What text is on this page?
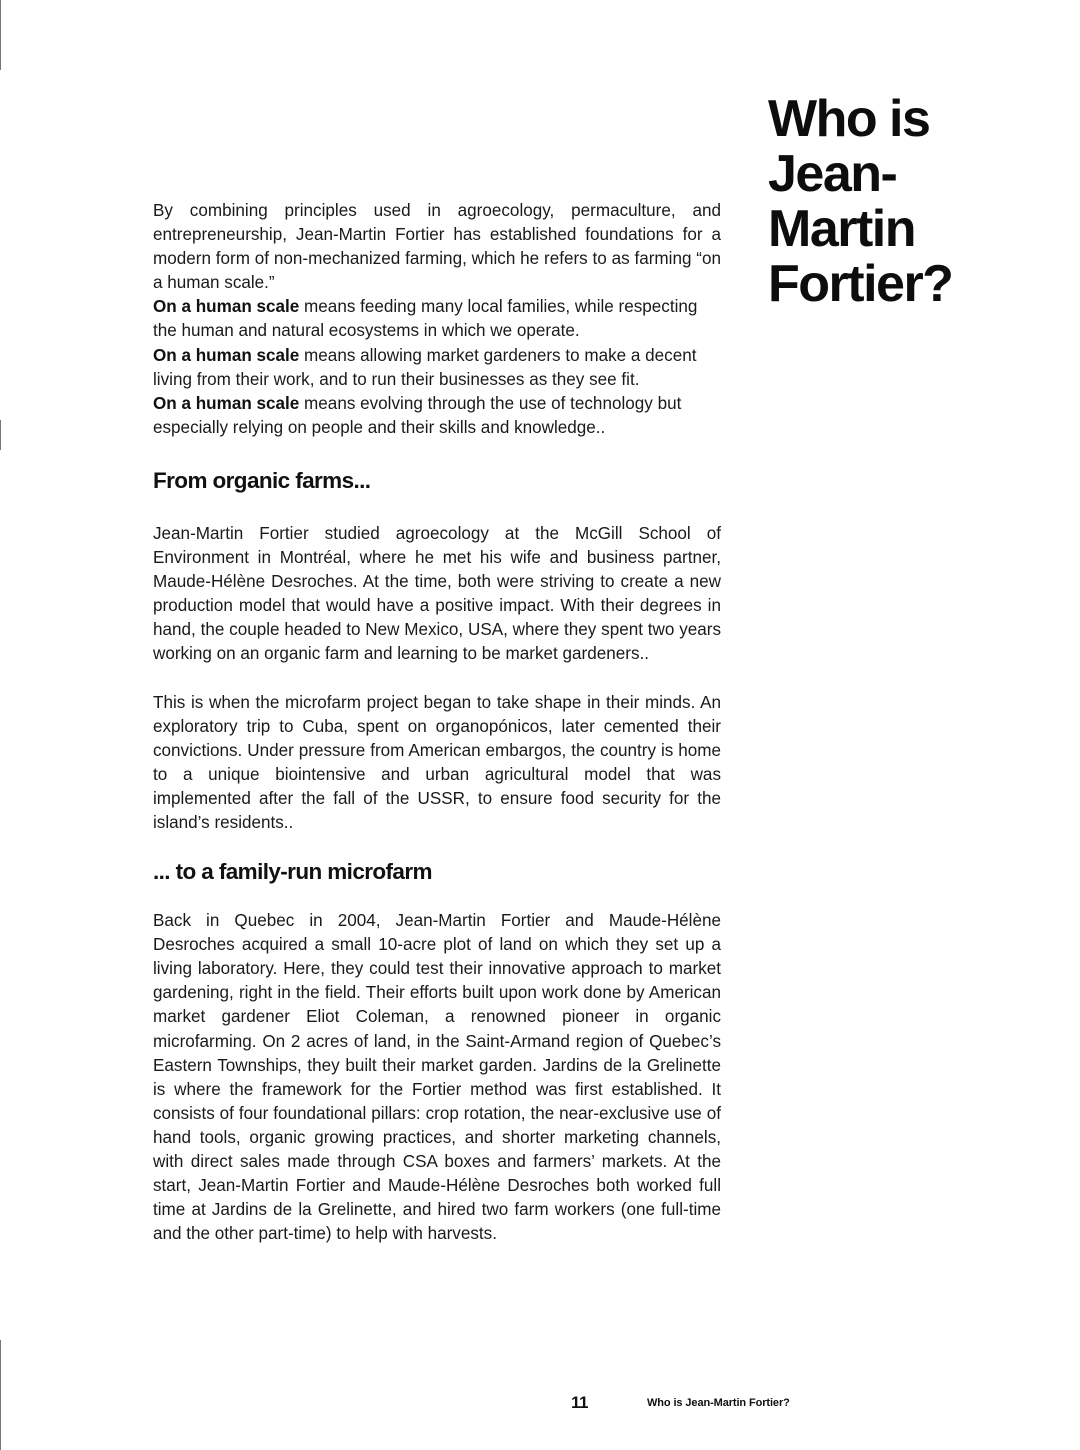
Who is
Jean-
Martin
Fortier?

By combining principles used in agroecology, permaculture, and entrepreneurship, Jean-Martin Fortier has established foundations for a modern form of non-mechanized farming, which he refers to as farming “on a human scale.”

On a human scale means feeding many local families, while respecting the human and natural ecosystems in which we operate.

On a human scale means allowing market gardeners to make a decent living from their work, and to run their businesses as they see fit.

On a human scale means evolving through the use of technology but especially relying on people and their skills and knowledge..

From organic farms...

Jean-Martin Fortier studied agroecology at the McGill School of Environment in Montréal, where he met his wife and business partner, Maude-Hélène Desroches. At the time, both were striving to create a new production model that would have a positive impact. With their degrees in hand, the couple headed to New Mexico, USA, where they spent two years working on an organic farm and learning to be market gardeners..

This is when the microfarm project began to take shape in their minds. An exploratory trip to Cuba, spent on organopónicos, later cemented their convictions. Under pressure from American embargos, the country is home to a unique biointensive and urban agricultural model that was implemented after the fall of the USSR, to ensure food security for the island’s residents..

... to a family-run microfarm

Back in Quebec in 2004, Jean-Martin Fortier and Maude-Hélène Desroches acquired a small 10-acre plot of land on which they set up a living laboratory. Here, they could test their innovative approach to market gardening, right in the field. Their efforts built upon work done by American market gardener Eliot Coleman, a renowned pioneer in organic microfarming. On 2 acres of land, in the Saint-Armand region of Quebec’s Eastern Townships, they built their market garden. Jardins de la Grelinette is where the framework for the Fortier method was first established. It consists of four foundational pillars: crop rotation, the near-exclusive use of hand tools, organic growing practices, and shorter marketing channels, with direct sales made through CSA boxes and farmers’ markets. At the start, Jean-Martin Fortier and Maude-Hélène Desroches both worked full time at Jardins de la Grelinette, and hired two farm workers (one full-time and the other part-time) to help with harvests.

11	Who is Jean-Martin Fortier?
